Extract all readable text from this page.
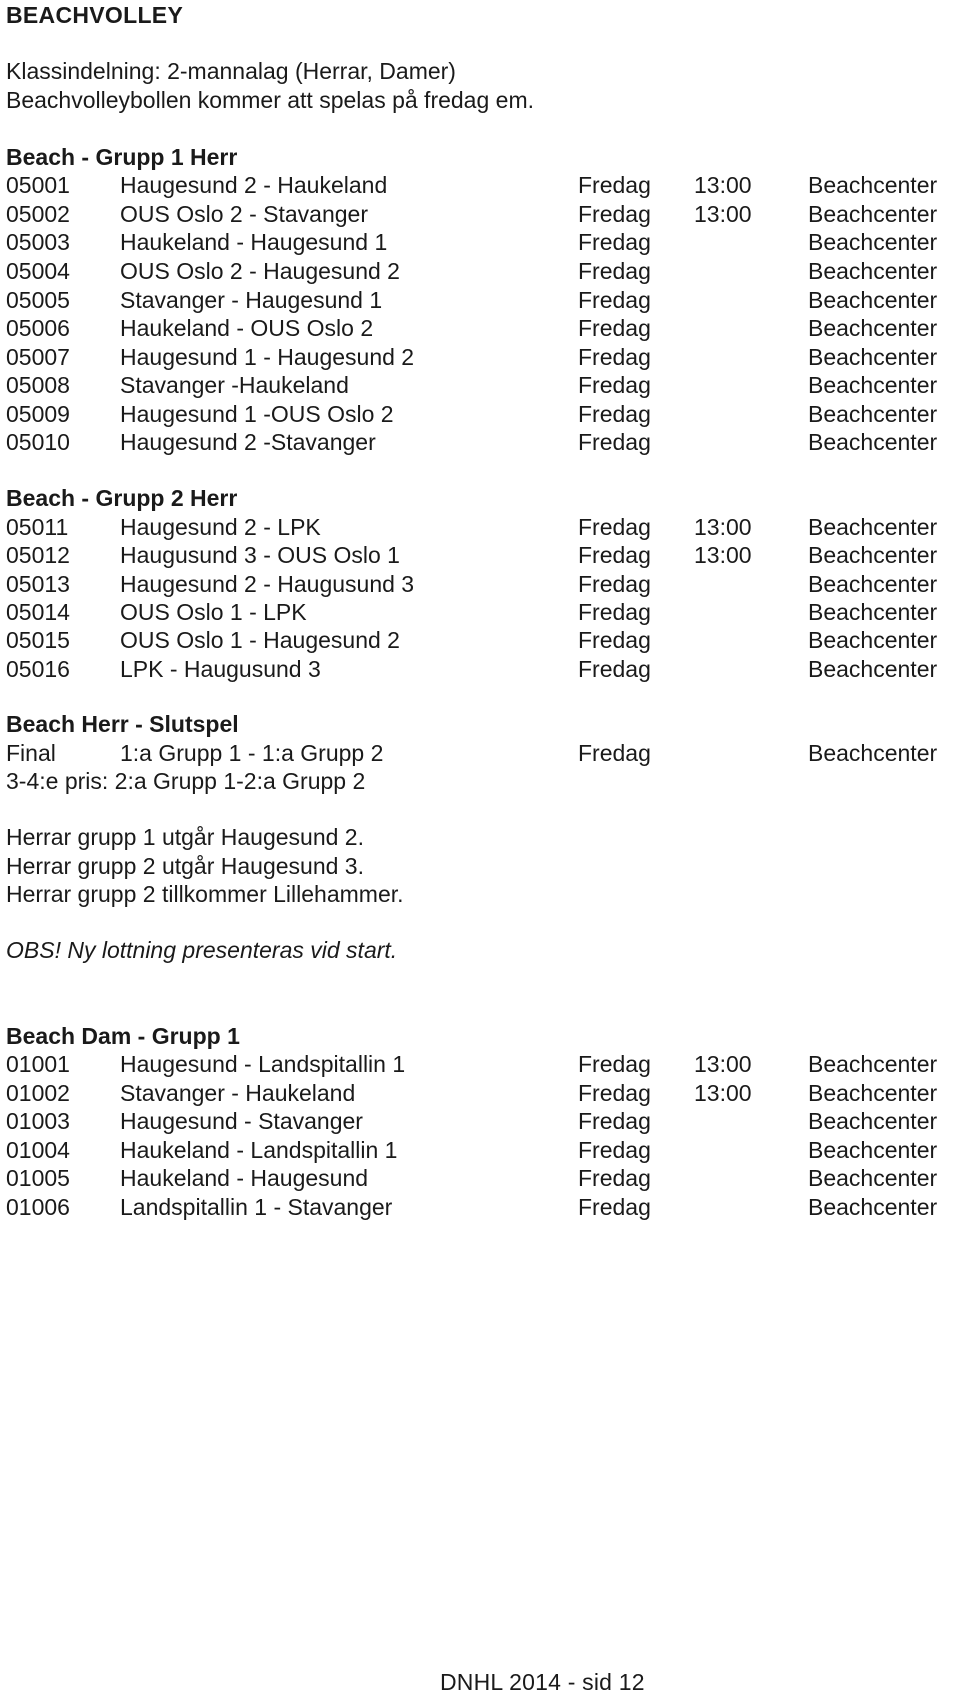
BEACHVOLLEY
Klassindelning: 2-mannalag (Herrar, Damer)
Beachvolleybollen kommer att spelas på fredag em.
Beach - Grupp 1 Herr
05001 Haugesund 2 - Haukeland	Fredag 13:00 Beachcenter
05002 OUS Oslo 2 - Stavanger	Fredag 13:00 Beachcenter
05003 Haukeland - Haugesund 1	Fredag	Beachcenter
05004 OUS Oslo 2 - Haugesund 2	Fredag	Beachcenter
05005 Stavanger - Haugesund 1	Fredag	Beachcenter
05006 Haukeland - OUS Oslo 2	Fredag	Beachcenter
05007 Haugesund 1 - Haugesund 2	Fredag	Beachcenter
05008 Stavanger -Haukeland	Fredag	Beachcenter
05009 Haugesund 1 -OUS Oslo 2	Fredag	Beachcenter
05010 Haugesund 2 -Stavanger	Fredag	Beachcenter
Beach - Grupp 2 Herr
05011 Haugesund 2 - LPK	Fredag 13:00 Beachcenter
05012 Haugusund 3 - OUS Oslo 1	Fredag 13:00 Beachcenter
05013 Haugesund 2 - Haugusund 3	Fredag	Beachcenter
05014 OUS Oslo 1 - LPK	Fredag	Beachcenter
05015 OUS Oslo 1 - Haugesund 2	Fredag	Beachcenter
05016 LPK - Haugusund 3	Fredag	Beachcenter
Beach Herr - Slutspel
Final	1:a Grupp 1 - 1:a Grupp 2	Fredag	Beachcenter
3-4:e pris: 2:a Grupp 1-2:a Grupp 2
Herrar grupp 1 utgår Haugesund 2.
Herrar grupp 2 utgår Haugesund 3.
Herrar grupp 2 tillkommer Lillehammer.
OBS! Ny lottning presenteras vid start.
Beach Dam - Grupp 1
01001 Haugesund - Landspitallin 1	Fredag 13:00 Beachcenter
01002 Stavanger - Haukeland	Fredag 13:00 Beachcenter
01003 Haugesund - Stavanger	Fredag	Beachcenter
01004 Haukeland - Landspitallin 1	Fredag	Beachcenter
01005 Haukeland - Haugesund	Fredag	Beachcenter
01006 Landspitallin 1 - Stavanger	Fredag	Beachcenter
DNHL 2014 - sid 12
